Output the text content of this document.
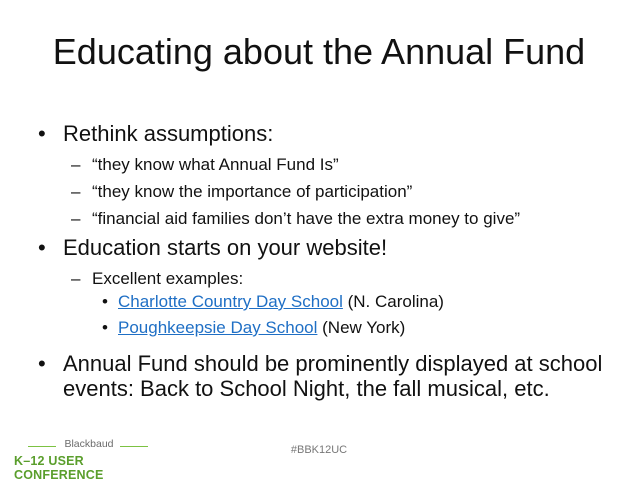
Educating about the Annual Fund
• Rethink assumptions:
– “they know what Annual Fund Is”
– “they know the importance of participation”
– “financial aid families don’t have the extra money to give”
• Education starts on your website!
– Excellent examples:
• Charlotte Country Day School (N. Carolina)
• Poughkeepsie Day School (New York)
• Annual Fund should be prominently displayed at school
events: Back to School Night, the fall musical, etc.
Blackbaud
K–12 USER CONFERENCE
#BBK12UC
